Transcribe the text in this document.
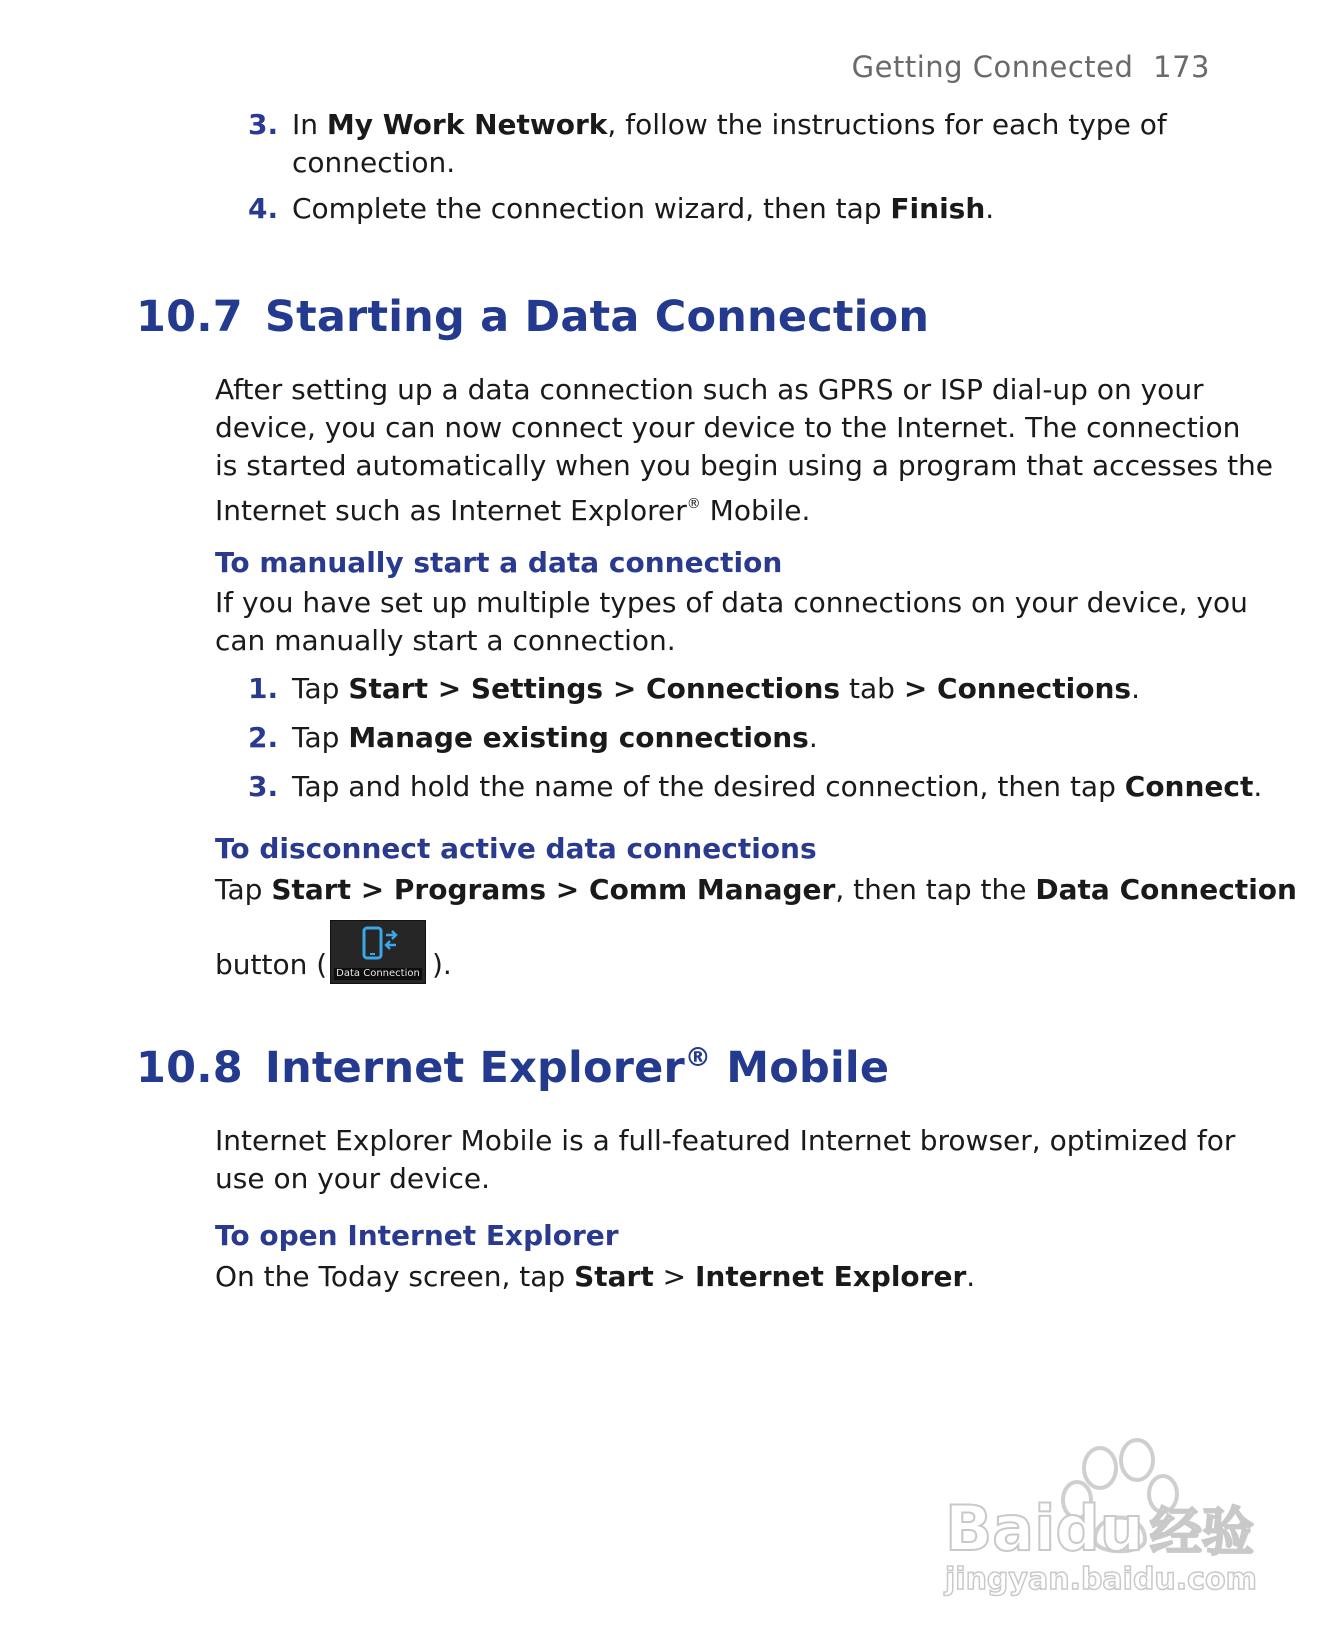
Getting Connected 173
3. In My Work Network, follow the instructions for each type of
connection.
4. Complete the connection wizard, then tap Finish.
10.7 Starting a Data Connection
After setting up a data connection such as GPRS or ISP dial-up on your
device, you can now connect your device to the Internet. The connection
is started automatically when you begin using a program that accesses the
Internet such as Internet Explorer® Mobile.
To manually start a data connection
If you have set up multiple types of data connections on your device, you
can manually start a connection.
1. Tap Start > Settings > Connections tab > Connections.
2. Tap Manage existing connections.
3. Tap and hold the name of the desired connection, then tap Connect.
To disconnect active data connections
Tap Start > Programs > Comm Manager, then tap the Data Connection
button (	).
Data Connection
10.8 Internet Explorer® Mobile
Internet Explorer Mobile is a full-featured Internet browser, optimized for
use on your device.
To open Internet Explorer
On the Today screen, tap Start > Internet Explorer.
Baidu 经验
jingyan.baidu.com
